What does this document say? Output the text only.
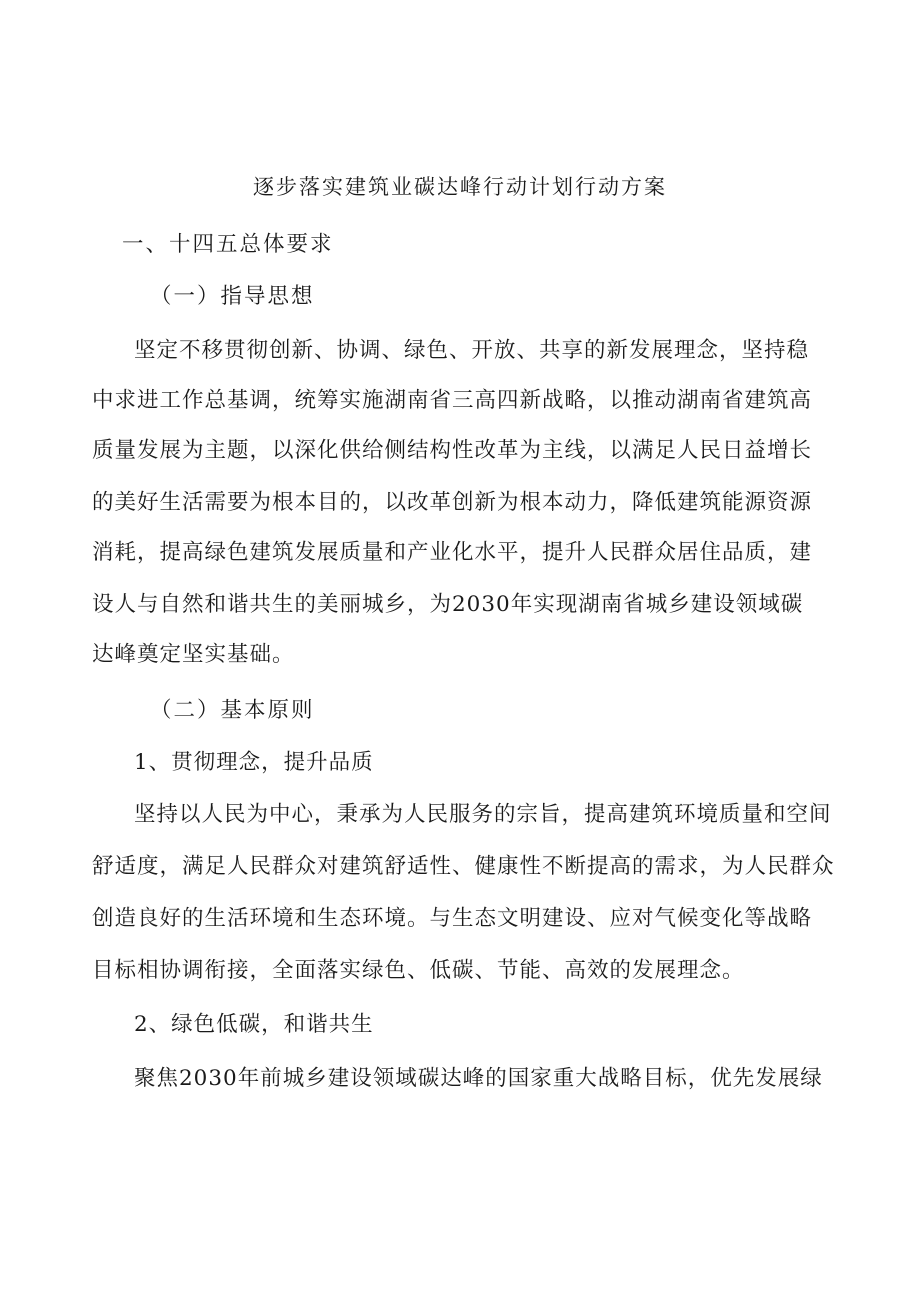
逐步落实建筑业碳达峰行动计划行动方案
一、十四五总体要求
（一）指导思想
坚定不移贯彻创新、协调、绿色、开放、共享的新发展理念，坚持稳
中求进工作总基调，统筹实施湖南省三高四新战略，以推动湖南省建筑高
质量发展为主题，以深化供给侧结构性改革为主线，以满足人民日益增长
的美好生活需要为根本目的，以改革创新为根本动力，降低建筑能源资源
消耗，提高绿色建筑发展质量和产业化水平，提升人民群众居住品质，建
设人与自然和谐共生的美丽城乡，为2030年实现湖南省城乡建设领域碳
达峰奠定坚实基础。
（二）基本原则
1、贯彻理念，提升品质
坚持以人民为中心，秉承为人民服务的宗旨，提高建筑环境质量和空间
舒适度，满足人民群众对建筑舒适性、健康性不断提高的需求，为人民群众
创造良好的生活环境和生态环境。与生态文明建设、应对气候变化等战略
目标相协调衔接，全面落实绿色、低碳、节能、高效的发展理念。
2、绿色低碳，和谐共生
聚焦2030年前城乡建设领域碳达峰的国家重大战略目标，优先发展绿
